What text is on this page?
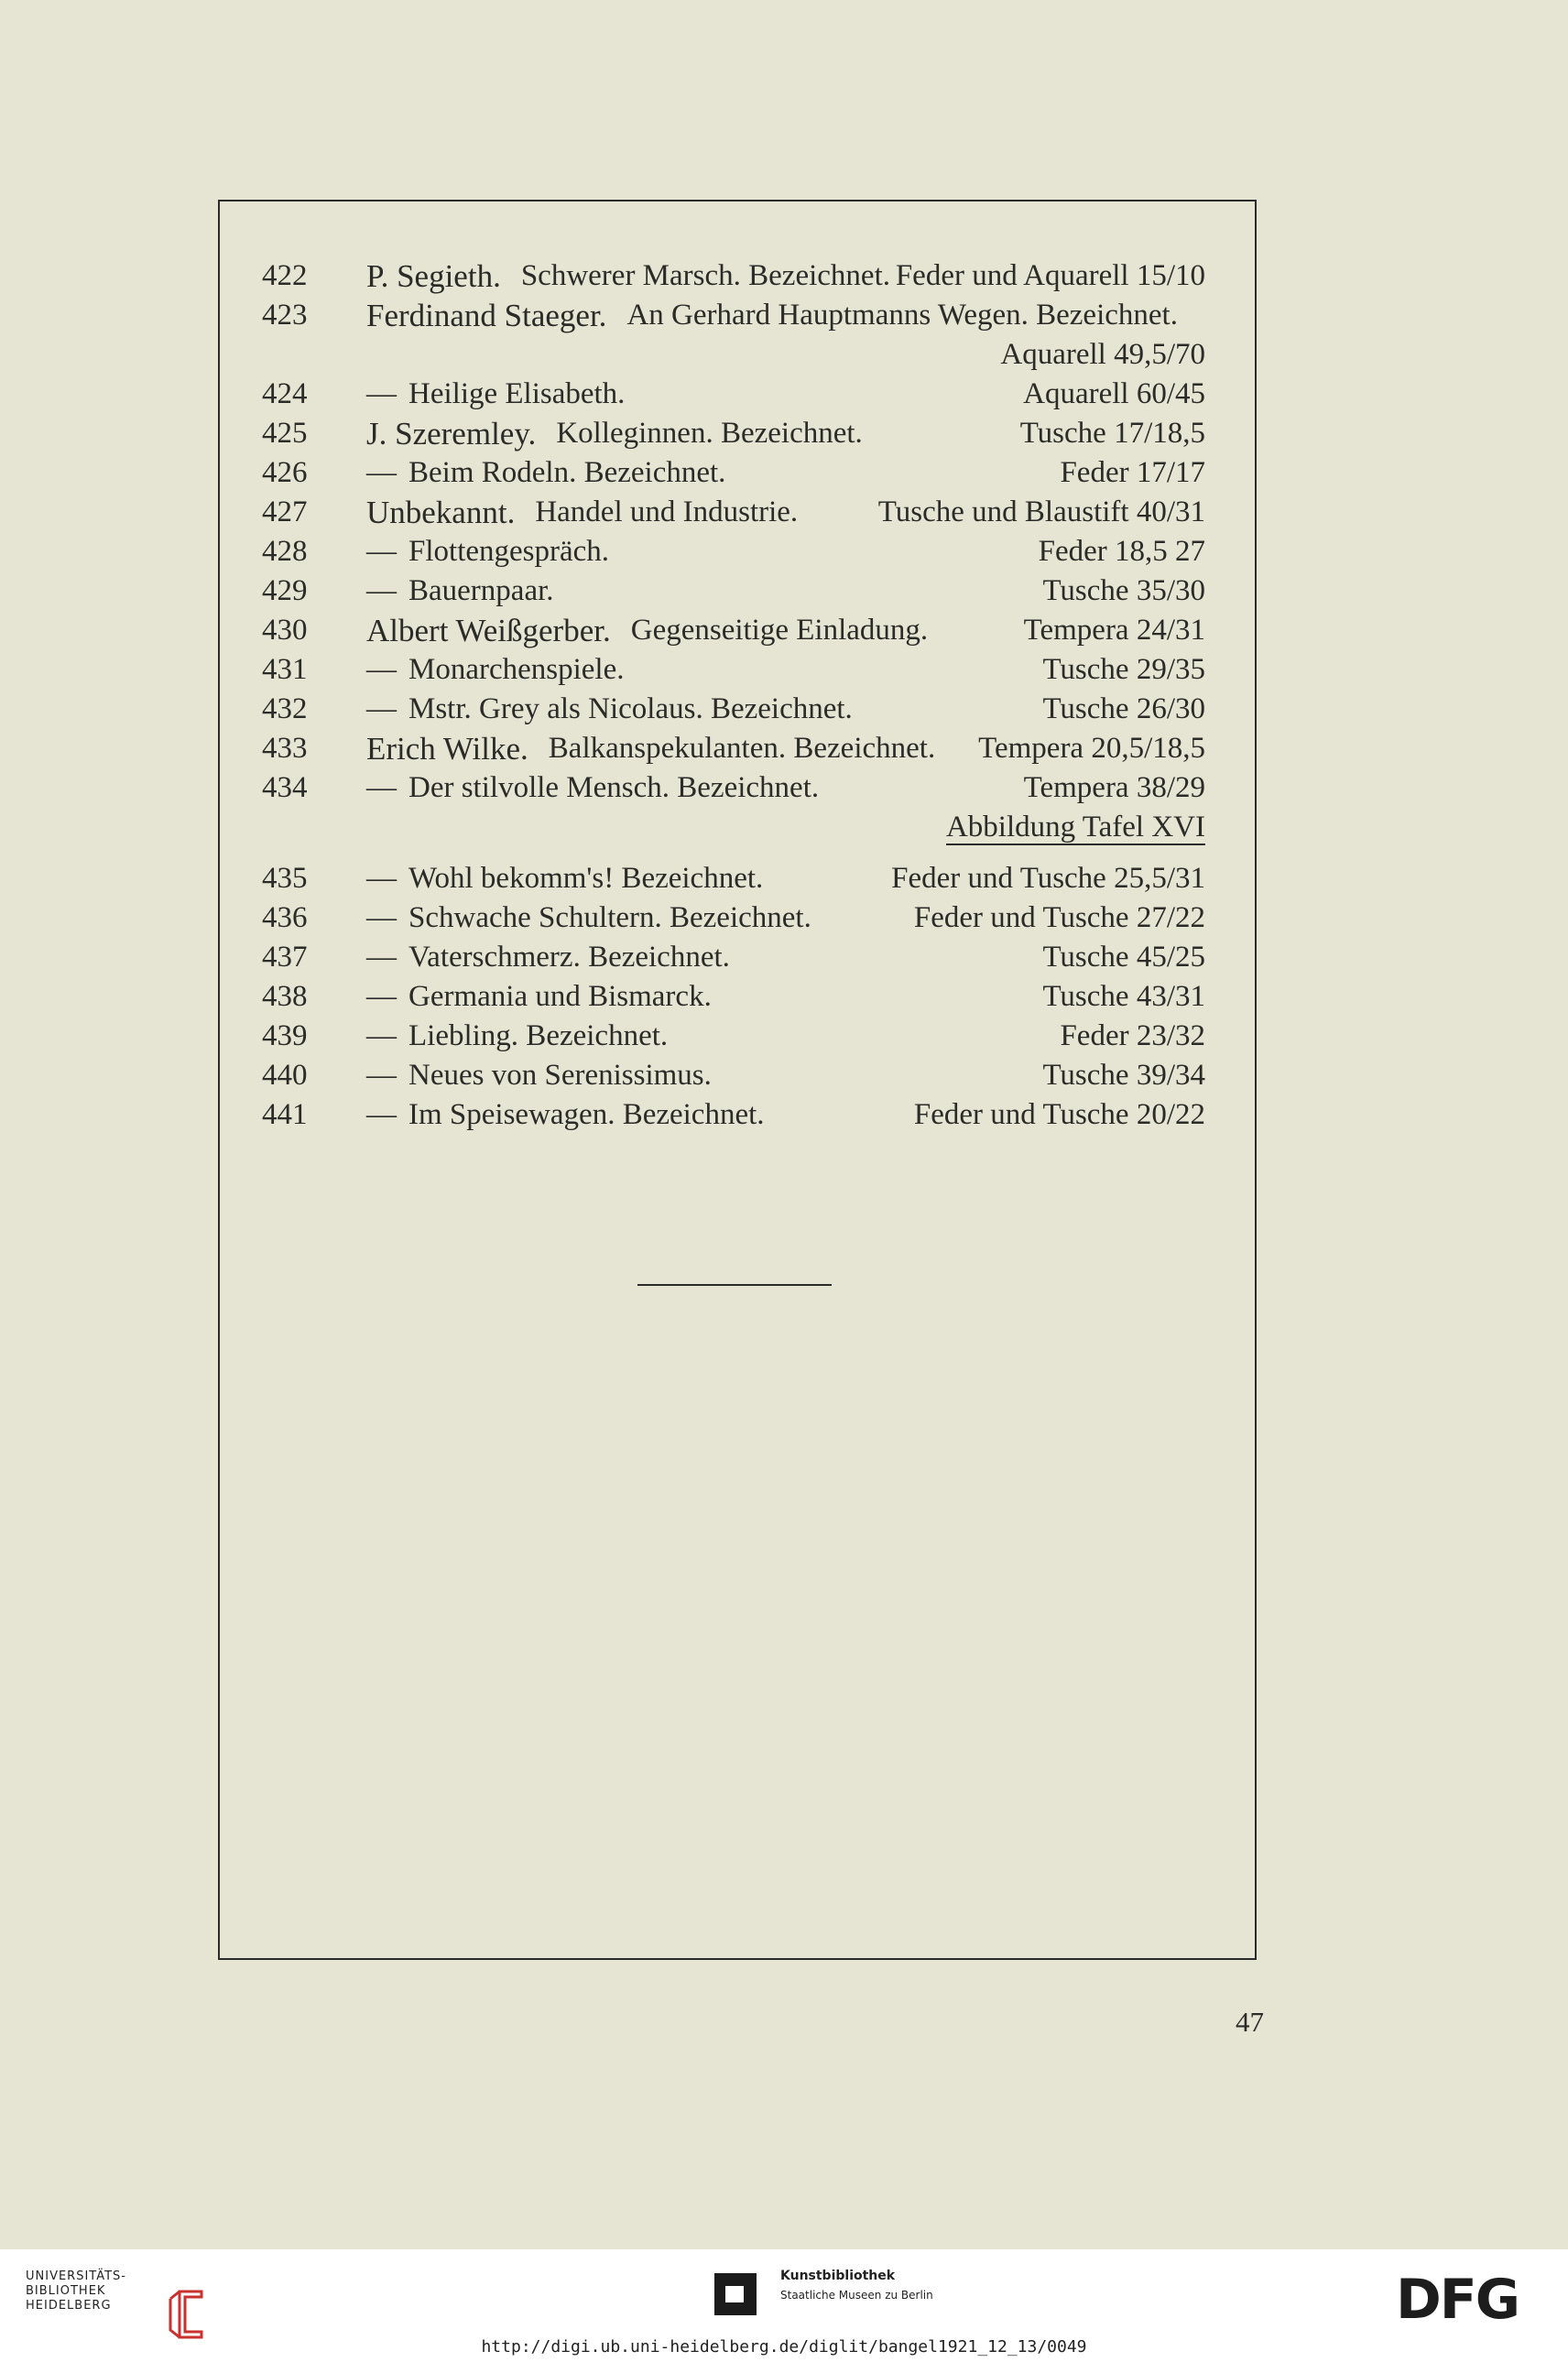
422	P. Segieth. Schwerer Marsch. Bezeichnet. Feder und Aquarell 15/10
423	Ferdinand Staeger. An Gerhard Hauptmanns Wegen. Bezeichnet.
Aquarell 49,5/70
424	— Heilige Elisabeth.	Aquarell 60/45
425	J. Szeremley. Kolleginnen. Bezeichnet.	Tusche 17/18,5
426	— Beim Rodeln. Bezeichnet.	Feder 17/17
427	Unbekannt. Handel und Industrie.	Tusche und Blaustift 40/31
428	— Flottengespräch.	Feder 18,5 27
429	— Bauernpaar.	Tusche 35/30
430	Albert Weißgerber. Gegenseitige Einladung.	Tempera 24/31
431	— Monarchenspiele.	Tusche 29/35
432	— Mstr. Grey als Nicolaus. Bezeichnet.	Tusche 26/30
433	Erich Wilke. Balkanspekulanten. Bezeichnet.	Tempera 20,5/18,5
434	— Der stilvolle Mensch. Bezeichnet.	Tempera 38/29
Abbildung Tafel XVI
435	— Wohl bekomm's! Bezeichnet.	Feder und Tusche 25,5/31
436	— Schwache Schultern. Bezeichnet.	Feder und Tusche 27/22
437	— Vaterschmerz. Bezeichnet.	Tusche 45/25
438	— Germania und Bismarck.	Tusche 43/31
439	— Liebling. Bezeichnet.	Feder 23/32
440	— Neues von Serenissimus.	Tusche 39/34
441	— Im Speisewagen. Bezeichnet.	Feder und Tusche 20/22
47
UNIVERSITÄTS-
BIBLIOTHEK
HEIDELBERG
Kunstbibliothek
Staatliche Museen zu Berlin	DFG
http://digi.ub.uni-heidelberg.de/diglit/bangel1921_12_13/0049
